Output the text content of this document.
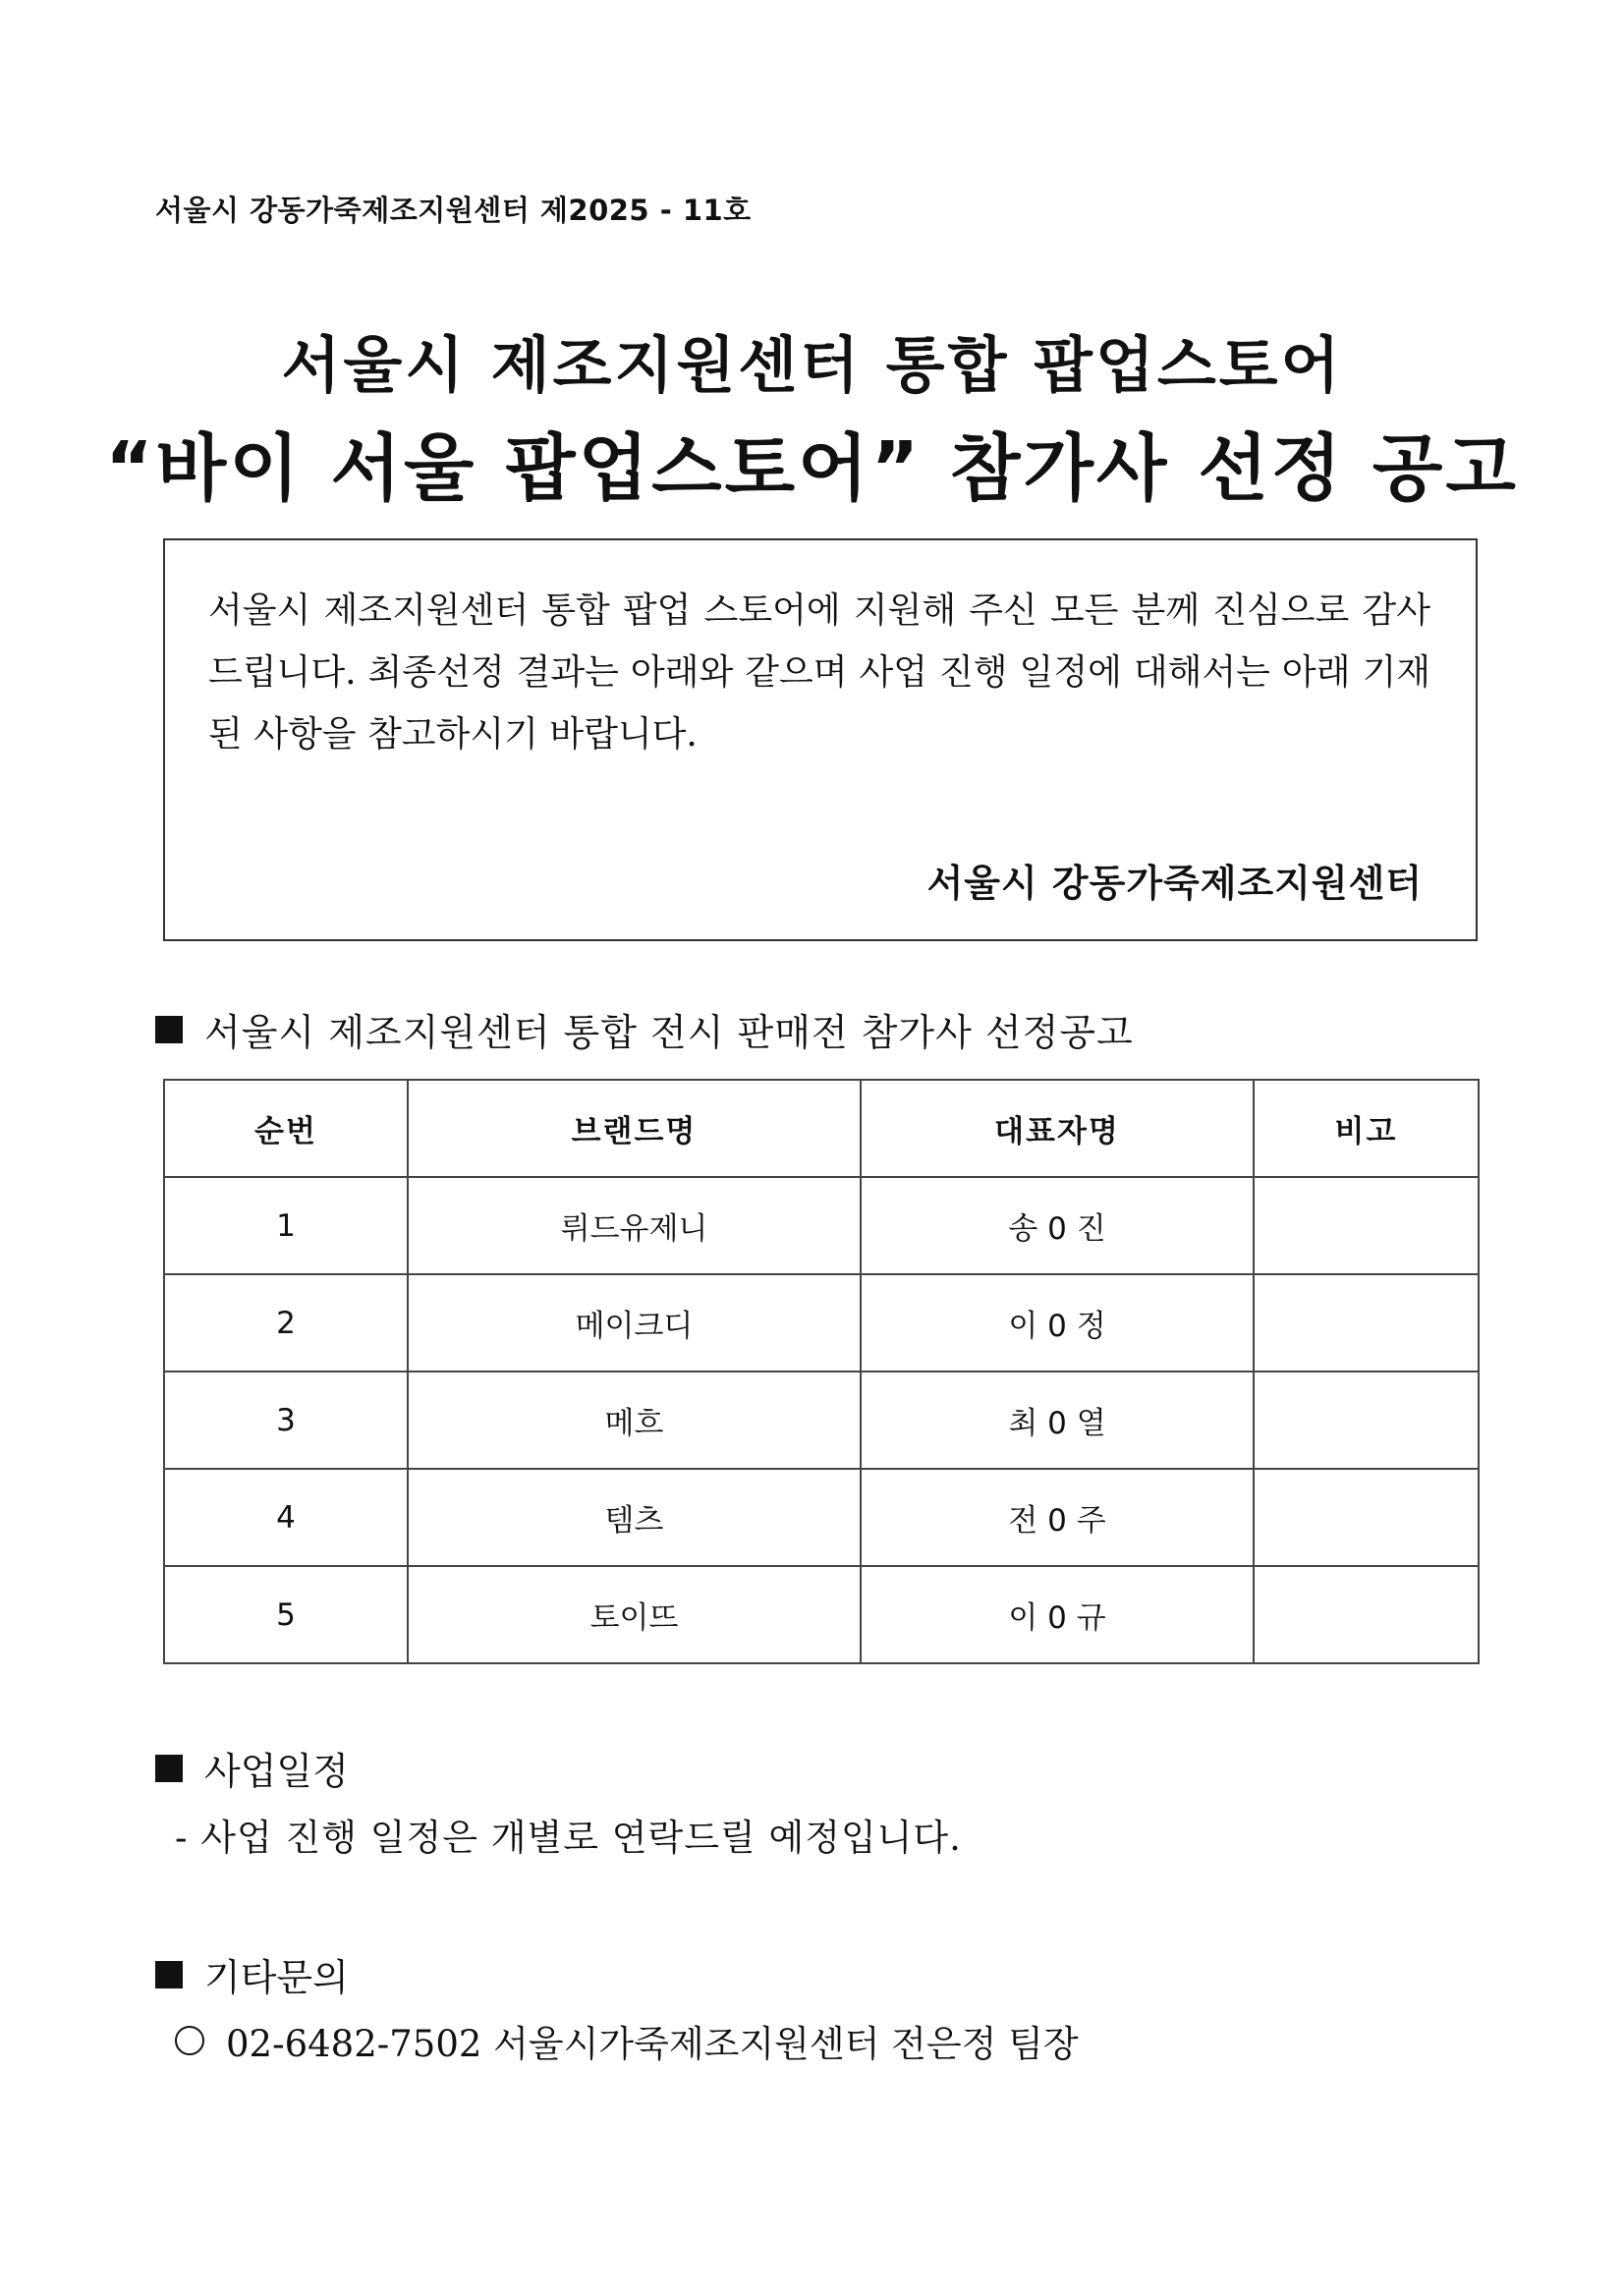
서울시 강동가죽제조지원센터 제2025 - 11호
서울시 제조지원센터 통합 팝업스토어
“바이 서울 팝업스토어” 참가사 선정 공고
서울시 제조지원센터 통합 팝업 스토어에 지원해 주신 모든 분께 진심으로 감사드립니다. 최종선정 결과는 아래와 같으며 사업 진행 일정에 대해서는 아래 기재된 사항을 참고하시기 바랍니다.
서울시 강동가죽제조지원센터
서울시 제조지원센터 통합 전시 판매전 참가사 선정공고
순번	브랜드명	대표자명	비고
1	뤼드유제니	송 0 진	
2	메이크디	이 0 정	
3	메흐	최 0 열	
4	템츠	전 0 주	
5	토이뜨	이 0 규	
사업일정
- 사업 진행 일정은 개별로 연락드릴 예정입니다.
기타문의
02-6482-7502 서울시가죽제조지원센터 전은정 팀장
